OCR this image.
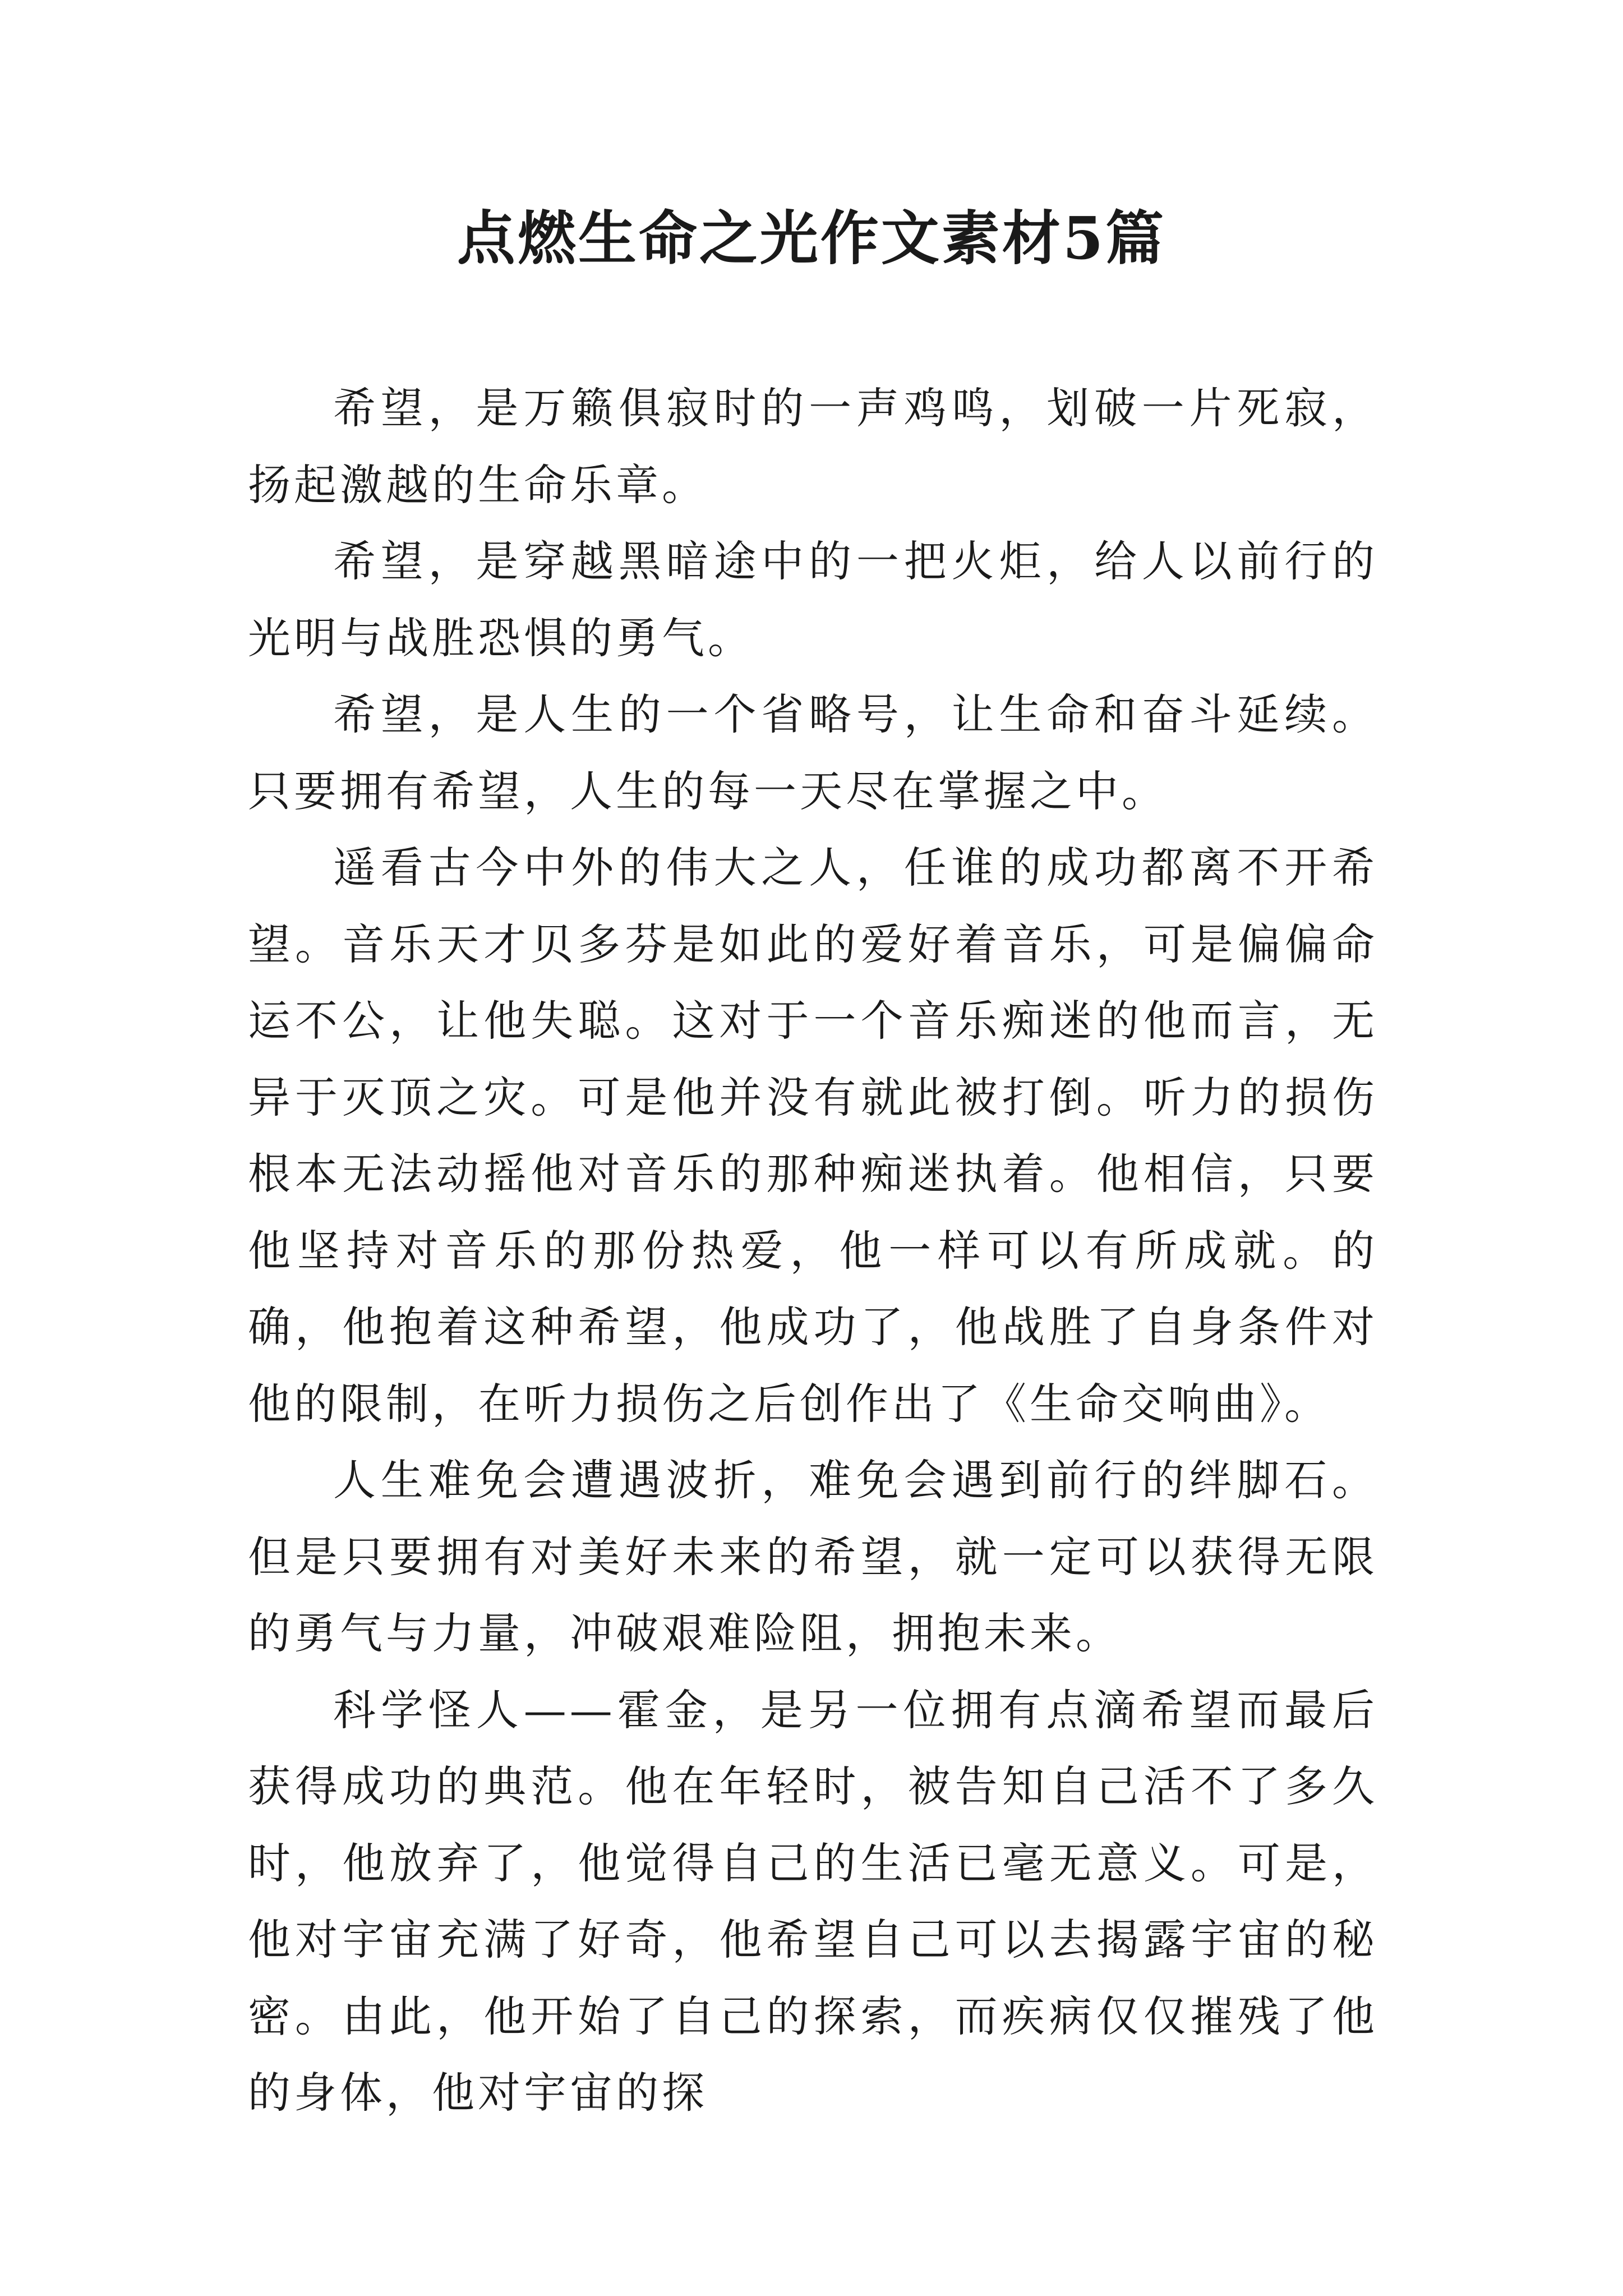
点燃生命之光作文素材5篇

希望，是万籁俱寂时的一声鸡鸣，划破一片死寂，扬起激越的生命乐章。

希望，是穿越黑暗途中的一把火炬，给人以前行的光明与战胜恐惧的勇气。

希望，是人生的一个省略号，让生命和奋斗延续。只要拥有希望，人生的每一天尽在掌握之中。

遥看古今中外的伟大之人，任谁的成功都离不开希望。音乐天才贝多芬是如此的爱好着音乐，可是偏偏命运不公，让他失聪。这对于一个音乐痴迷的他而言，无异于灭顶之灾。可是他并没有就此被打倒。听力的损伤根本无法动摇他对音乐的那种痴迷执着。他相信，只要他坚持对音乐的那份热爱，他一样可以有所成就。的确，他抱着这种希望，他成功了，他战胜了自身条件对他的限制，在听力损伤之后创作出了《生命交响曲》。

人生难免会遭遇波折，难免会遇到前行的绊脚石。但是只要拥有对美好未来的希望，就一定可以获得无限的勇气与力量，冲破艰难险阻，拥抱未来。

科学怪人——霍金，是另一位拥有点滴希望而最后获得成功的典范。他在年轻时，被告知自己活不了多久时，他放弃了，他觉得自己的生活已毫无意义。可是，他对宇宙充满了好奇，他希望自己可以去揭露宇宙的秘密。由此，他开始了自己的探索，而疾病仅仅摧残了他的身体，他对宇宙的探
